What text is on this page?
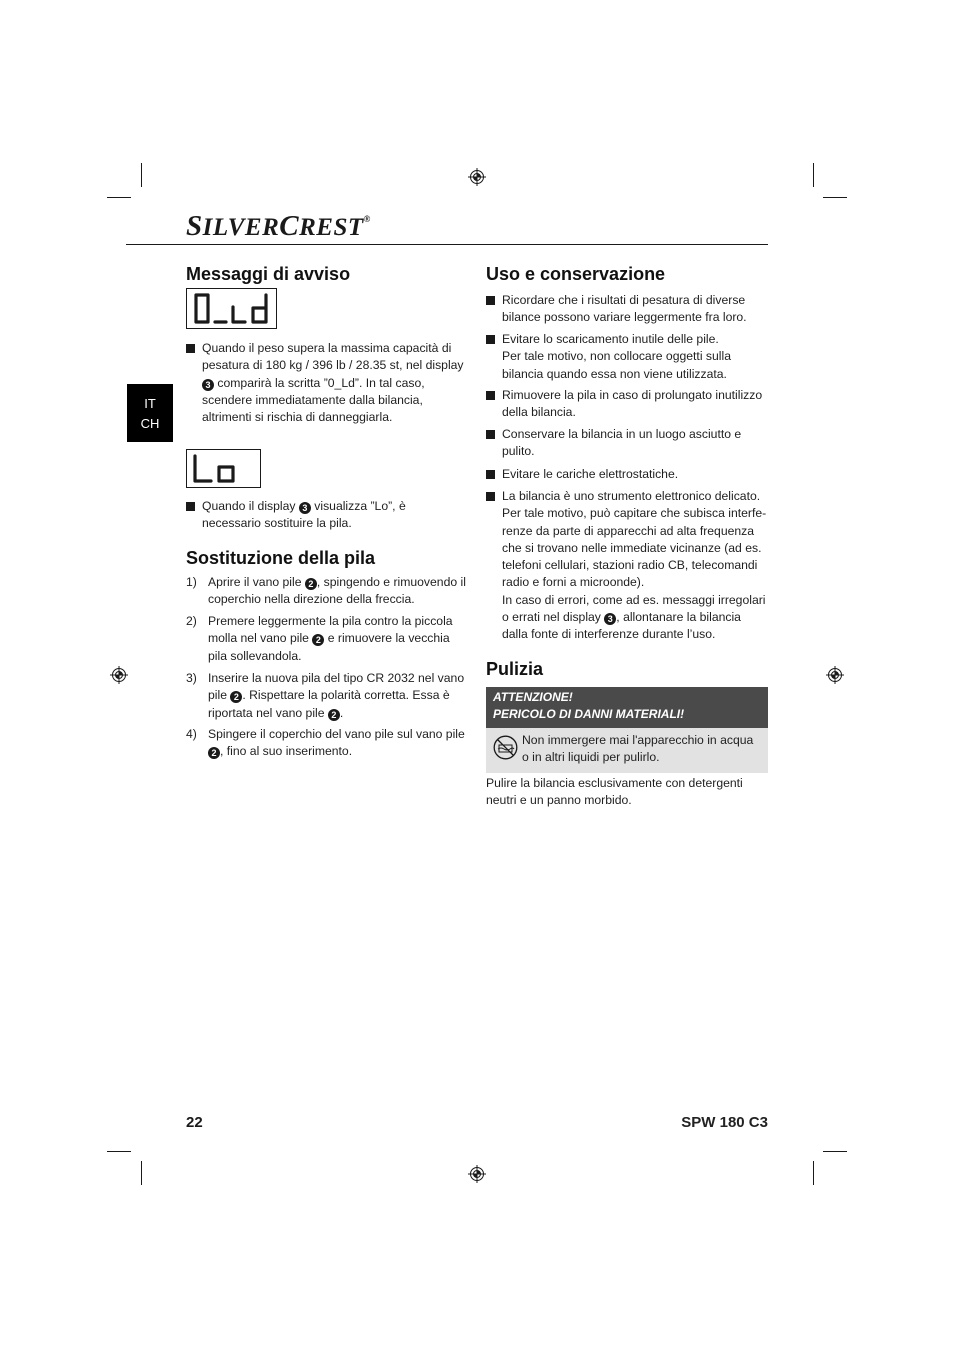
SILVERCREST®
IT
CH
Messaggi di avviso
Quando il peso supera la massima capacità di pesatura di 180 kg / 396 lb / 28.35 st, nel display 3 comparirà la scritta ”0_Ld”. In tal caso, scendere immediatamente dalla bilancia, altrimenti si rischia di danneggiarla.
Quando il display 3 visualizza ”Lo”, è necessario sostituire la pila.
Sostituzione della pila
1) Aprire il vano pile 2 , spingendo e rimuovendo il coperchio nella direzione della freccia.
2) Premere leggermente la pila contro la piccola molla nel vano pile 2 e rimuovere la vecchia pila sollevandola.
3) Inserire la nuova pila del tipo CR 2032 nel vano pile 2 . Rispettare la polarità corretta. Essa è riportata nel vano pile 2 .
4) Spingere il coperchio del vano pile sul vano pile 2 , fino al suo inserimento.
Uso e conservazione
Ricordare che i risultati di pesatura di diverse bilance possono variare leggermente fra loro.
Evitare lo scaricamento inutile delle pile.
Per tale motivo, non collocare oggetti sulla bilancia quando essa non viene utilizzata.
Rimuovere la pila in caso di prolungato inutilizzo della bilancia.
Conservare la bilancia in un luogo asciutto e pulito.
Evitare le cariche elettrostatiche.
La bilancia è uno strumento elettronico delicato. Per tale motivo, può capitare che subisca interfe-renze da parte di apparecchi ad alta frequenza che si trovano nelle immediate vicinanze (ad es. telefoni cellulari, stazioni radio CB, telecomandi radio e forni a microonde).
In caso di errori, come ad es. messaggi irregolari o errati nel display 3 , allontanare la bilancia dalla fonte di interferenze durante l’uso.
Pulizia
ATTENZIONE!
PERICOLO DI DANNI MATERIALI!
Non immergere mai l'apparecchio in acqua o in altri liquidi per pulirlo.
Pulire la bilancia esclusivamente con detergenti neutri e un panno morbido.
22	SPW 180 C3
